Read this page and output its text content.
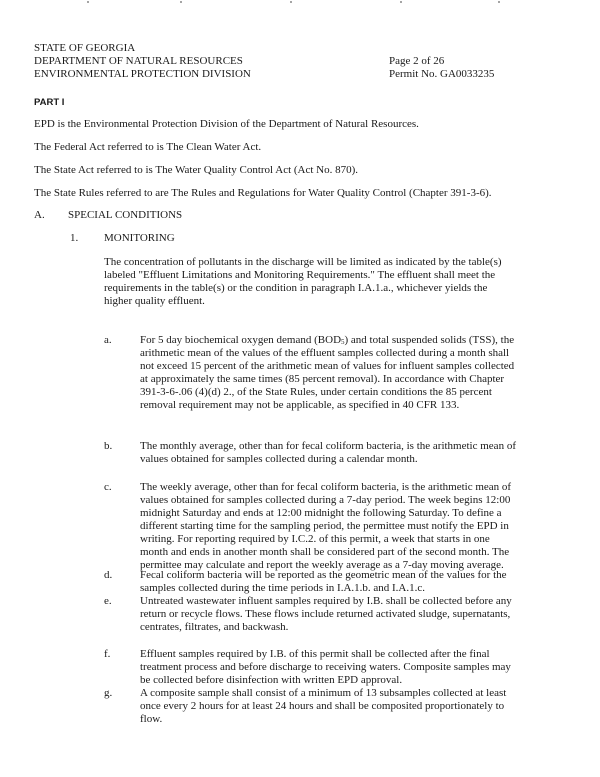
STATE OF GEORGIA
DEPARTMENT OF NATURAL RESOURCES
ENVIRONMENTAL PROTECTION DIVISION
Page 2 of 26
Permit No. GA0033235
PART I
EPD is the Environmental Protection Division of the Department of Natural Resources.
The Federal Act referred to is The Clean Water Act.
The State Act referred to is The Water Quality Control Act (Act No. 870).
The State Rules referred to are The Rules and Regulations for Water Quality Control (Chapter 391-3-6).
A. SPECIAL CONDITIONS
1. MONITORING
The concentration of pollutants in the discharge will be limited as indicated by the table(s)
labeled "Effluent Limitations and Monitoring Requirements." The effluent shall meet the
requirements in the table(s) or the condition in paragraph I.A.1.a., whichever yields the
higher quality effluent.
a.	For 5 day biochemical oxygen demand $(BOD_5)$ and total suspended solids (TSS), the
arithmetic mean of the values of the effluent samples collected during a month shall
not exceed 15 percent of the arithmetic mean of values for influent samples collected
at approximately the same times (85 percent removal). In accordance with Chapter
391-3-6-.06 (4)(d) 2., of the State Rules, under certain conditions the 85 percent
removal requirement may not be applicable, as specified in 40 CFR 133.
b.	The monthly average, other than for fecal coliform bacteria, is the arithmetic mean of
values obtained for samples collected during a calendar month.
c.	The weekly average, other than for fecal coliform bacteria, is the arithmetic mean of
values obtained for samples collected during a 7-day period. The week begins 12:00
midnight Saturday and ends at 12:00 midnight the following Saturday. To define a
different starting time for the sampling period, the permittee must notify the EPD in
writing. For reporting required by I.C.2. of this permit, a week that starts in one
month and ends in another month shall be considered part of the second month. The
permittee may calculate and report the weekly average as a 7-day moving average.
d.	Fecal coliform bacteria will be reported as the geometric mean of the values for the
samples collected during the time periods in I.A.1.b. and I.A.1.c.
e.	Untreated wastewater influent samples required by I.B. shall be collected before any
return or recycle flows. These flows include returned activated sludge, supernatants,
centrates, filtrates, and backwash.
f.	Effluent samples required by I.B. of this permit shall be collected after the final
treatment process and before discharge to receiving waters. Composite samples may
be collected before disinfection with written EPD approval.
g.	A composite sample shall consist of a minimum of 13 subsamples collected at least
once every 2 hours for at least 24 hours and shall be composited proportionately to
flow.
